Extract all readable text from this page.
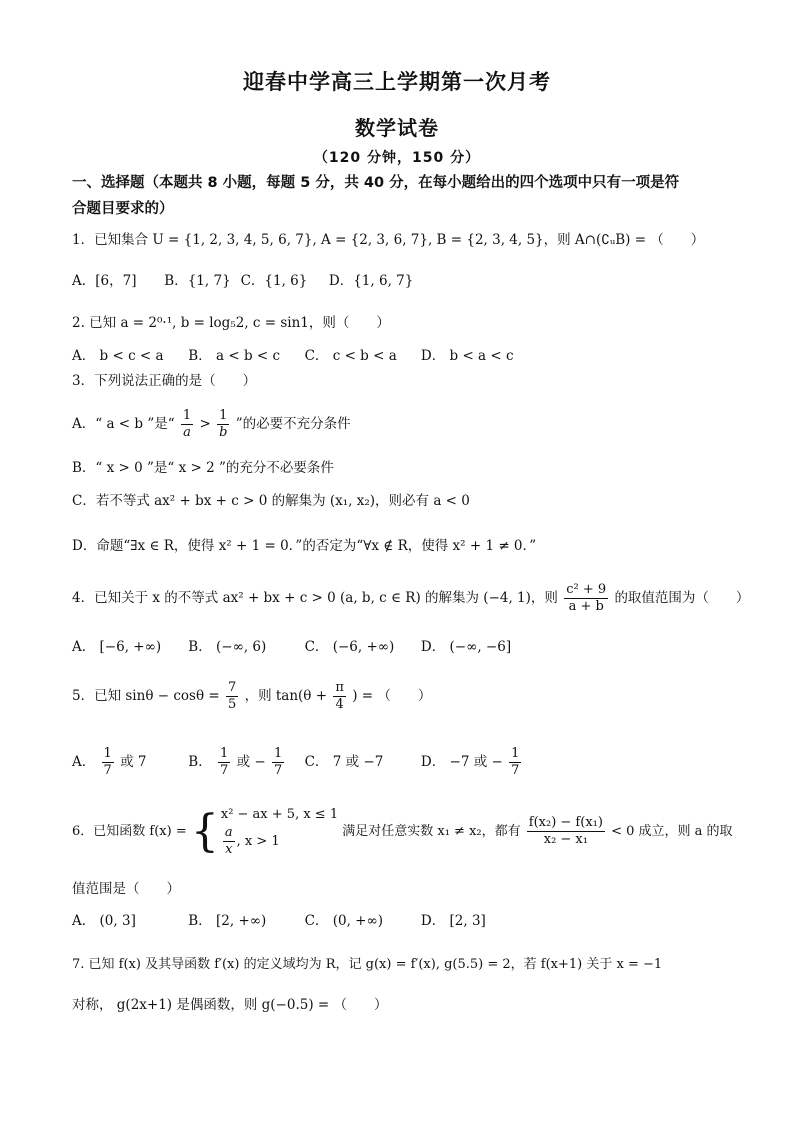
迎春中学高三上学期第一次月考
数学试卷
（120 分钟，150 分）
一、选择题（本题共 8 小题，每题 5 分，共 40 分，在每小题给出的四个选项中只有一项是符
合题目要求的）
1．已知集合 U = {1, 2, 3, 4, 5, 6, 7}, A = {2, 3, 6, 7}, B = {2, 3, 4, 5}，则 A∩(∁ᵤB) = （　　）
A．[6，7] B．{1, 7} C．{1, 6} D．{1, 6, 7}
2. 已知 a = 2⁰·¹, b = log₅2, c = sin1，则（　　）
A． b < c < a B． a < b < c C． c < b < a D． b < a < c
3．下列说法正确的是（　　）
A．“ a < b ”是“ $\frac{1}{a} > \frac{1}{b}$ ”的必要不充分条件
B．“ x > 0 ”是“ x > 2 ”的充分不必要条件
C．若不等式 ax² + bx + c > 0 的解集为 (x₁, x₂)，则必有 a < 0
D．命题“∃x ∈ R，使得 x² + 1 = 0．”的否定为“∀x ∉ R，使得 x² + 1 ≠ 0．”
4．已知关于 x 的不等式 ax² + bx + c > 0 (a, b, c ∈ R) 的解集为 (−4, 1)，则 $\frac{\text{c² + 9}}{a + b}$ 的取值范围为（　　）
A． [−6, +∞) B． (−∞, 6)	C． (−6, +∞) D． (−∞, −6]
5．已知 $\sin\theta - \cos\theta = \frac{7}{5}$ ，则 $\tan(\theta + \frac{\pi}{4}$ ) = （　　）
A． $\frac{1}{7}$ 或 7	B． $\frac{1}{7}$ 或 − $\frac{1}{7}$ C． 7 或 −7	D． −7 或 − $\frac{1}{7}$
6．已知函数 f(x) = { x² − ax + 5, x ≤ 1
$\frac{a}{x}$ , x > 1
满足对任意实数 x₁ ≠ x₂，都有 $\frac{\text{f(x₂) − f(x₁)}}{\text{x₂ − x₁}} < 0$ 成立，则 a 的取
值范围是（　　）
A． (0, 3]	B． [2, +∞)	C． (0, +∞)	D． [2, 3]
7. 已知 f(x) 及其导函数 f′(x) 的定义域均为 R，记 g(x) = f′(x), g(5.5) = 2，若 f(x+1) 关于 x = −1
对称， g(2x+1) 是偶函数，则 g(−0.5) = （　　）
